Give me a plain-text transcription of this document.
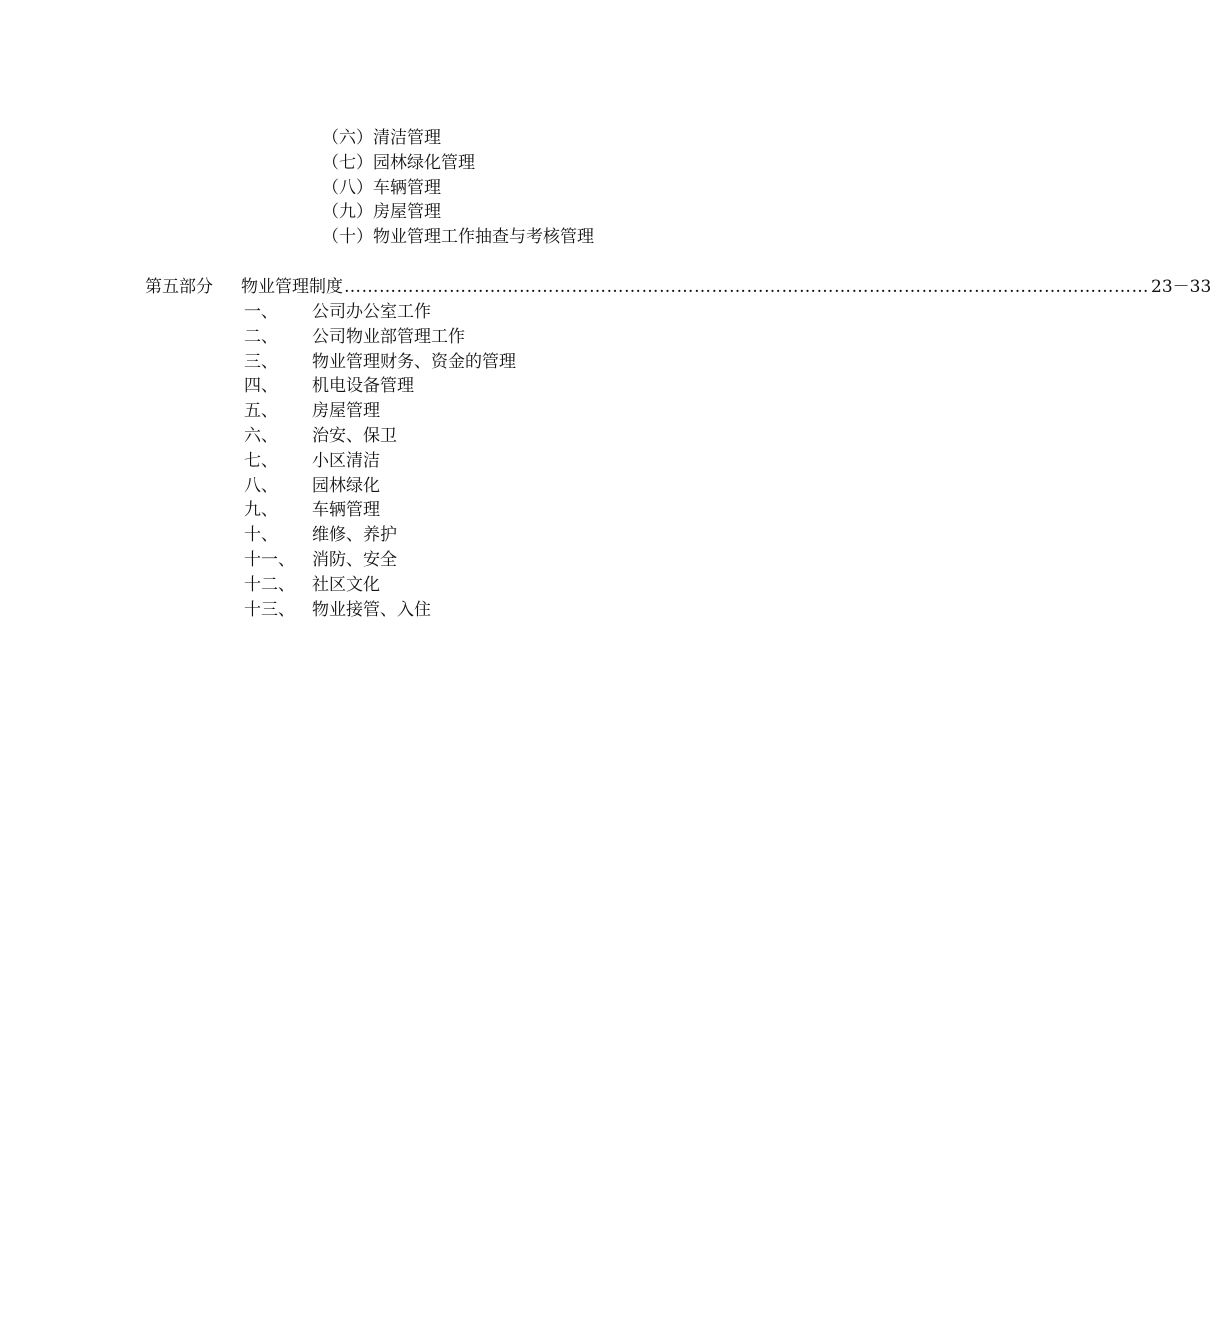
（六）清洁管理
（七）园林绿化管理
（八）车辆管理
（九）房屋管理
（十）物业管理工作抽查与考核管理
第五部分	物业管理制度 ………………………………………………………………………………………………………………………… 23－33
一、	公司办公室工作
二、	公司物业部管理工作
三、	物业管理财务、资金的管理
四、	机电设备管理
五、	房屋管理
六、	治安、保卫
七、	小区清洁
八、	园林绿化
九、	车辆管理
十、	维修、养护
十一、	消防、安全
十二、	社区文化
十三、	物业接管、入住
